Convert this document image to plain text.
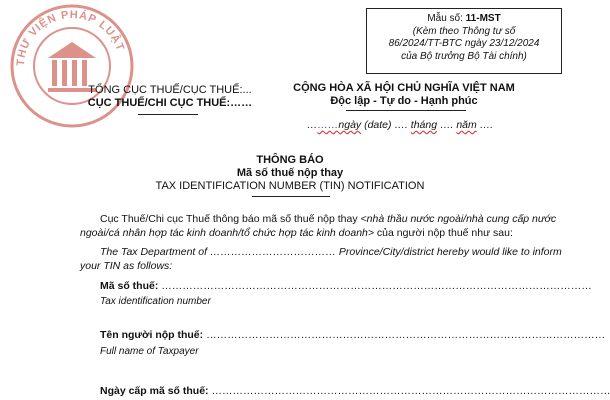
THƯ VIỆN PHÁP LUẬT
Mẫu số: 11-MST
(Kèm theo Thông tư số
86/2024/TT-BTC ngày 23/12/2024
của Bộ trưởng Bộ Tài chính)
TỔNG CỤC THUẾ/CỤC THUẾ:...
CỤC THUẾ/CHI CỤC THUẾ:……
CỘNG HÒA XÃ HỘI CHỦ NGHĨA VIỆT NAM
Độc lập - Tự do - Hạnh phúc
………ngày (date) …. tháng …. năm ….
THÔNG BÁO
Mã số thuế nộp thay
TAX IDENTIFICATION NUMBER (TIN) NOTIFICATION
Cục Thuế/Chi cục Thuế thông báo mã số thuế nộp thay <nhà thầu nước ngoài/nhà cung cấp nước ngoài/cá nhân hợp tác kinh doanh/tổ chức hợp tác kinh doanh> của người nộp thuế như sau:
The Tax Department of ……………………………… Province/City/district hereby would like to inform your TIN as follows:
Mã số thuế: ……………………………………………………………………………………………………………
Tax identification number
Tên người nộp thuế: ……………………………………………………………………………………………………
Full name of Taxpayer
Ngày cấp mã số thuế: ……………………………………………………………………………………………………
